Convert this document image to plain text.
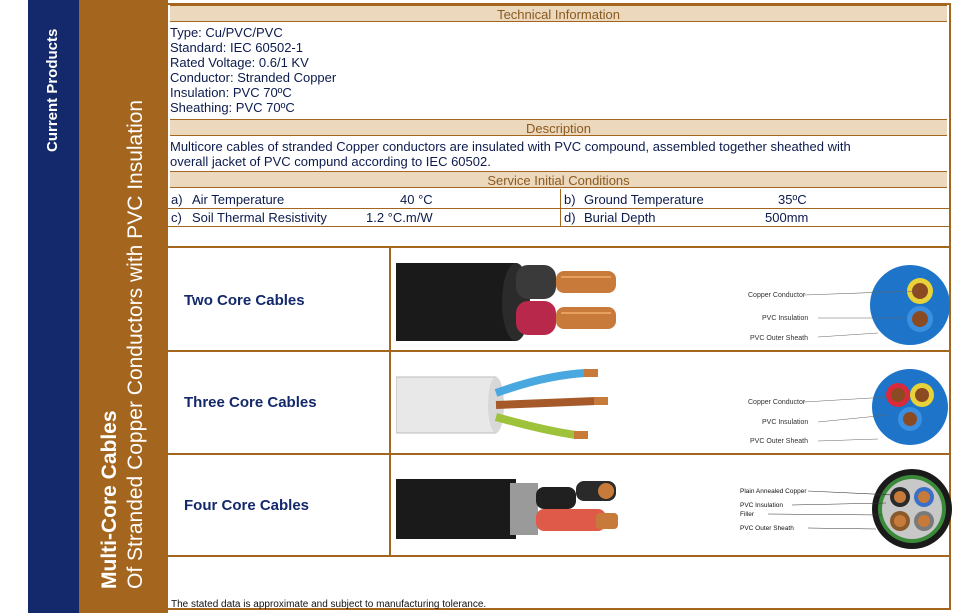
Current Products
Multi-Core Cables Of Stranded Copper Conductors with PVC Insulation
Technical Information
Type: Cu/PVC/PVC
Standard: IEC 60502-1
Rated Voltage: 0.6/1 KV
Conductor: Stranded Copper
Insulation: PVC 70ºC
Sheathing: PVC 70ºC
Description
Multicore cables of stranded Copper conductors are insulated with PVC compound, assembled together sheathed with
overall jacket of PVC compund according to IEC 60502.
Service Initial Conditions
a) Air Temperature	40 °C	b) Ground Temperature	35ºC
c) Soil Thermal Resistivity	1.2 °C.m/W	d) Burial Depth	500mm
Two Core Cables
Three Core Cables
Four Core Cables
Copper Conductor
PVC Insulation
PVC Outer Sheath
Copper Conductor
PVC Insulation
PVC Outer Sheath
Plain Annealed Copper
PVC Insulation
Filler
PVC Outer Sheath
The stated data is approximate and subject to manufacturing tolerance.
